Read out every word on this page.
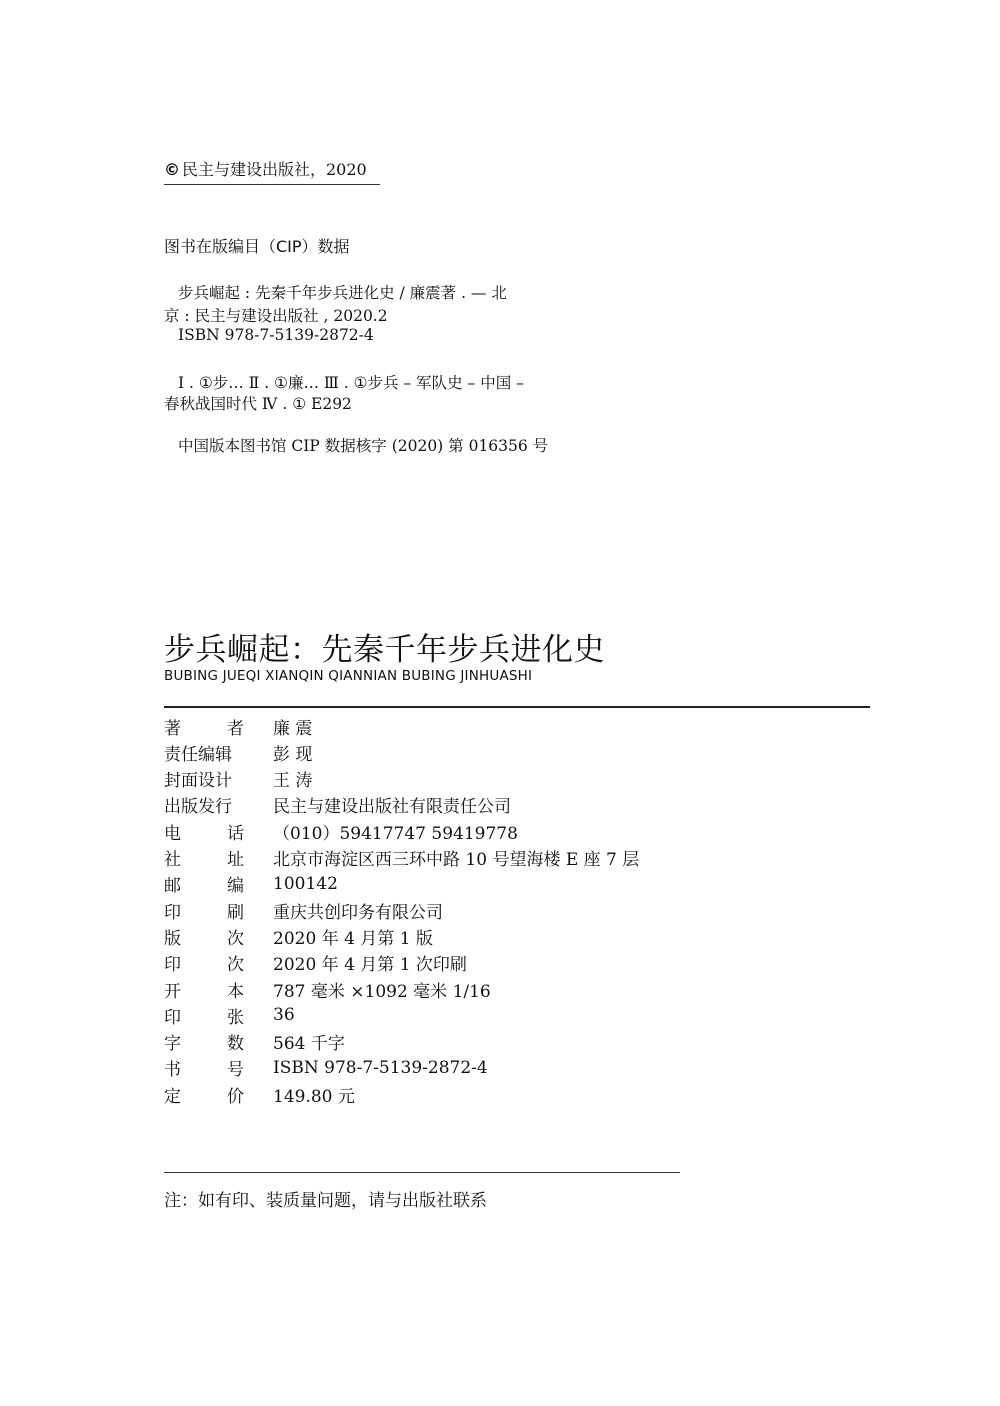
© 民主与建设出版社，2020
图书在版编目（CIP）数据
步兵崛起 : 先秦千年步兵进化史 / 廉震著 . — 北
京 : 民主与建设出版社 , 2020.2
ISBN 978-7-5139-2872-4
Ⅰ . ①步… Ⅱ . ①廉… Ⅲ . ①步兵 – 军队史 – 中国 –
春秋战国时代 Ⅳ . ① E292
中国版本图书馆 CIP 数据核字 (2020) 第 016356 号
步兵崛起：先秦千年步兵进化史
BUBING JUEQI XIANQIN QIANNIAN BUBING JINHUASHI
著	者 廉 震
责任编辑	彭 现
封面设计	王 涛
出版发行	民主与建设出版社有限责任公司
电	话 （010）59417747 59419778
社	址 北京市海淀区西三环中路 10 号望海楼 E 座 7 层
邮	编 100142
印	刷 重庆共创印务有限公司
版	次 2020 年 4 月第 1 版
印	次 2020 年 4 月第 1 次印刷
开	本 787 毫米 ×1092 毫米 1/16
印	张 36
字	数 564 千字
书	号 ISBN 978-7-5139-2872-4
定	价 149.80 元
注：如有印、装质量问题，请与出版社联系
